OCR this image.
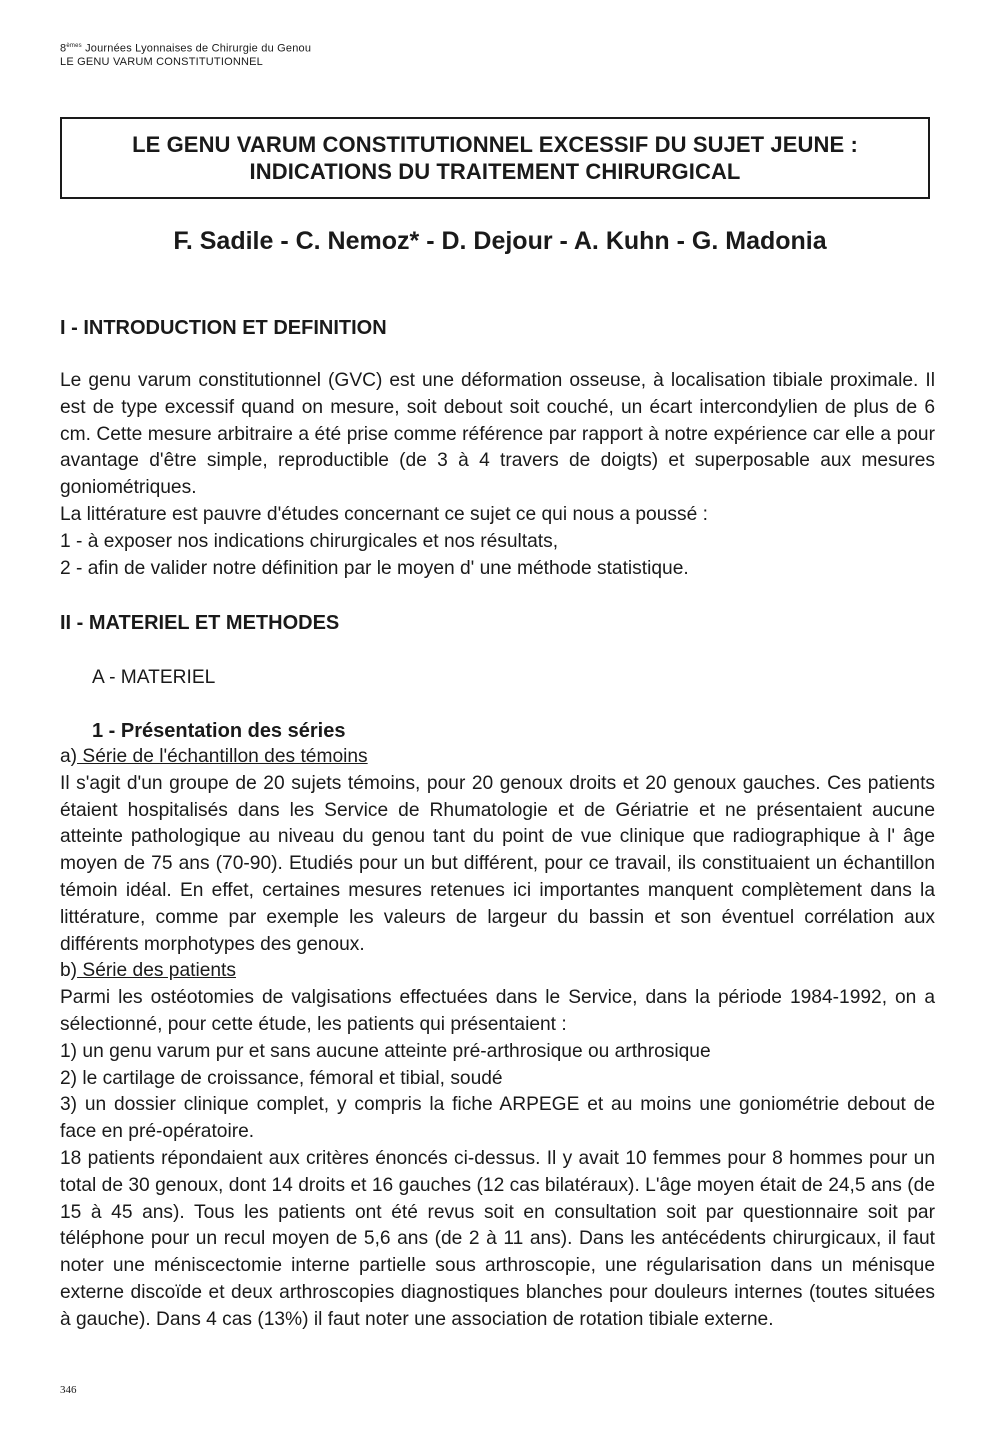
8èmes Journées Lyonnaises de Chirurgie du Genou
LE GENU VARUM CONSTITUTIONNEL
LE GENU VARUM CONSTITUTIONNEL EXCESSIF DU SUJET JEUNE :
INDICATIONS DU TRAITEMENT CHIRURGICAL
F. Sadile - C. Nemoz* - D. Dejour - A. Kuhn - G. Madonia
I - INTRODUCTION ET DEFINITION

Le genu varum constitutionnel (GVC) est une déformation osseuse, à localisation tibiale proximale. Il est de type excessif quand on mesure, soit debout soit couché, un écart intercondylien de plus de 6 cm. Cette mesure arbitraire a été prise comme référence par rapport à notre expérience car elle a pour avantage d'être simple, reproductible (de 3 à 4 travers de doigts) et superposable aux mesures goniométriques.

La littérature est pauvre d'études concernant ce sujet ce qui nous a poussé :

1 - à exposer nos indications chirurgicales et nos résultats,

2 - afin de valider notre définition par le moyen d' une méthode statistique.

II - MATERIEL ET METHODES
A - MATERIEL
1 - Présentation des séries

a) Série de l'échantillon des témoins

Il s'agit d'un groupe de 20 sujets témoins, pour 20 genoux droits et 20 genoux gauches. Ces patients étaient hospitalisés dans les Service de Rhumatologie et de Gériatrie et ne présentaient aucune atteinte pathologique au niveau du genou tant du point de vue clinique que radiographique à l' âge moyen de 75 ans (70-90). Etudiés pour un but différent, pour ce travail, ils constituaient un échantillon témoin idéal. En effet, certaines mesures retenues ici importantes manquent complètement dans la littérature, comme par exemple les valeurs de largeur du bassin et son éventuel corrélation aux différents morphotypes des genoux.

b) Série des patients

Parmi les ostéotomies de valgisations effectuées dans le Service, dans la période 1984-1992, on a sélectionné, pour cette étude, les patients qui présentaient :

1) un genu varum pur et sans aucune atteinte pré-arthrosique ou arthrosique

2) le cartilage de croissance, fémoral et tibial, soudé

3) un dossier clinique complet, y compris la fiche ARPEGE et au moins une goniométrie debout de face en pré-opératoire.

18 patients répondaient aux critères énoncés ci-dessus. Il y avait 10 femmes pour 8 hommes pour un total de 30 genoux, dont 14 droits et 16 gauches (12 cas bilatéraux). L'âge moyen était de 24,5 ans (de 15 à 45 ans). Tous les patients ont été revus soit en consultation soit par questionnaire soit par téléphone pour un recul moyen de 5,6 ans (de 2 à 11 ans). Dans les antécédents chirurgicaux, il faut noter une méniscectomie interne partielle sous arthroscopie, une régularisation dans un ménisque externe discoïde et deux arthroscopies diagnostiques blanches pour douleurs internes (toutes situées à gauche). Dans 4 cas (13%) il faut noter une association de rotation tibiale externe.

346
